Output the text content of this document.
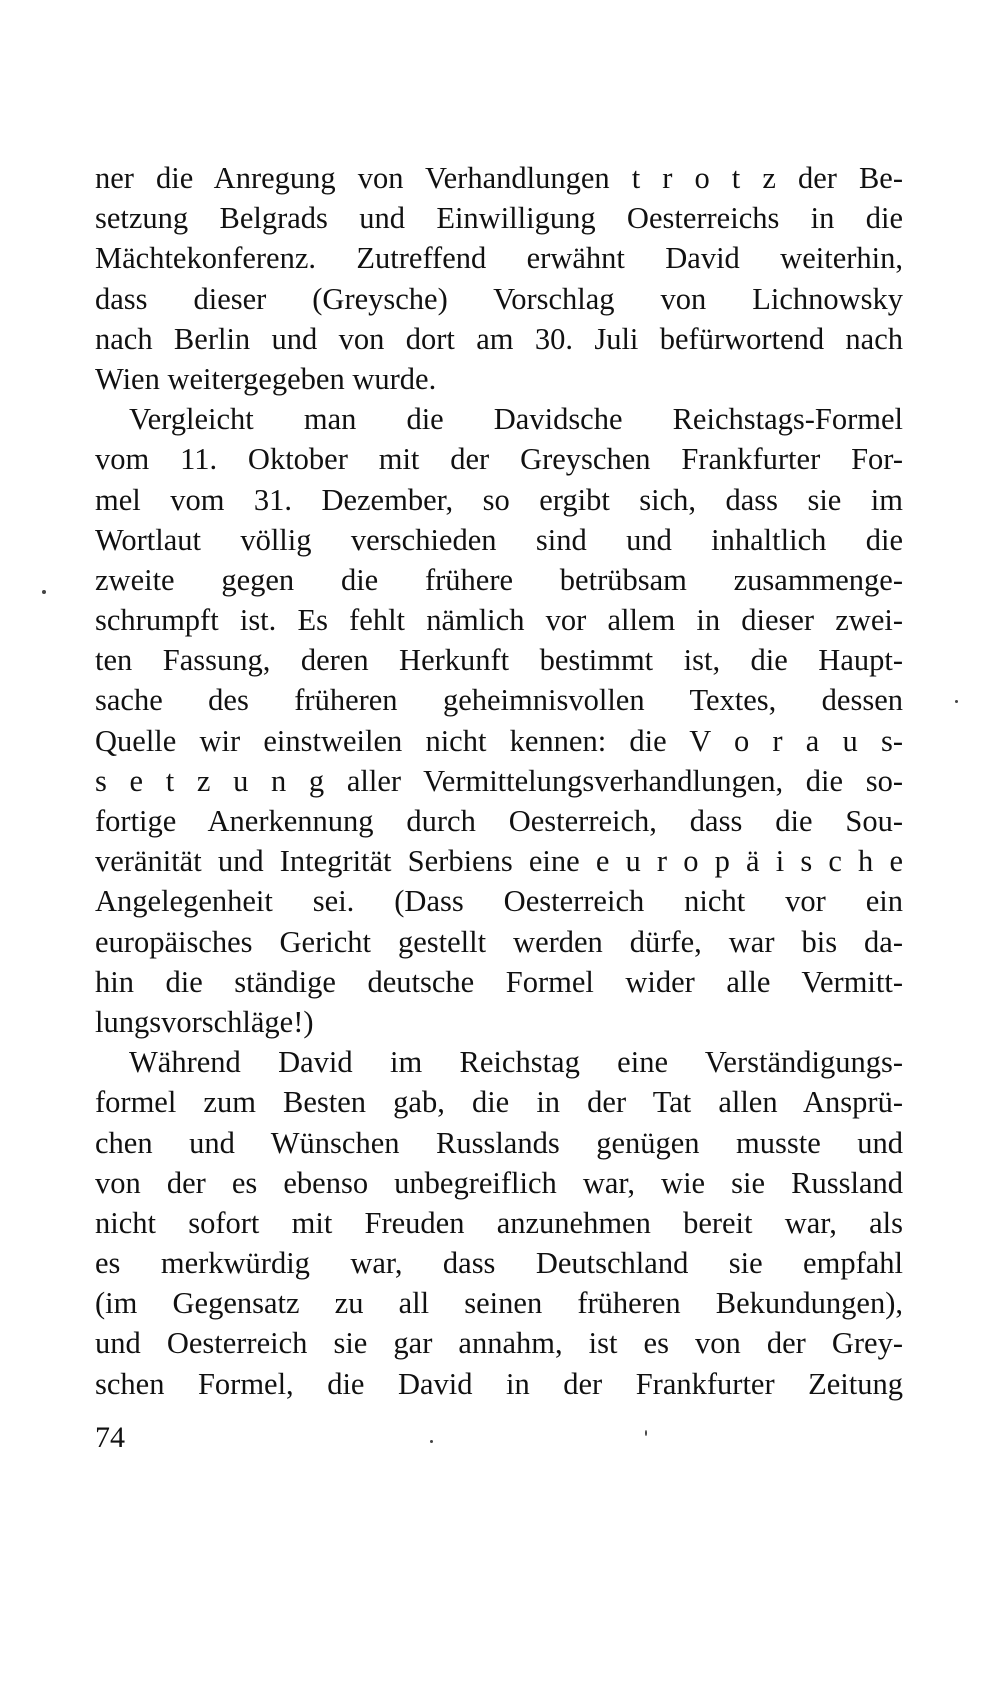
ner die Anregung von Verhandlungen t r o t z der Be-
setzung Belgrads und Einwilligung Oesterreichs in die
Mächtekonferenz. Zutreffend erwähnt David weiterhin,
dass dieser (Greysche) Vorschlag von Lichnowsky
nach Berlin und von dort am 30. Juli befürwortend nach
Wien weitergegeben wurde.
Vergleicht man die Davidsche Reichstags-Formel
vom 11. Oktober mit der Greyschen Frankfurter For-
mel vom 31. Dezember, so ergibt sich, dass sie im
Wortlaut völlig verschieden sind und inhaltlich die
zweite gegen die frühere betrübsam zusammenge-
schrumpft ist. Es fehlt nämlich vor allem in dieser zwei-
ten Fassung, deren Herkunft bestimmt ist, die Haupt-
sache des früheren geheimnisvollen Textes, dessen
Quelle wir einstweilen nicht kennen: die V o r a u s-
s e t z u n g aller Vermittelungsverhandlungen, die so-
fortige Anerkennung durch Oesterreich, dass die Sou-
veränität und Integrität Serbiens eine e u r o p ä i s c h e
Angelegenheit sei. (Dass Oesterreich nicht vor ein
europäisches Gericht gestellt werden dürfe, war bis da-
hin die ständige deutsche Formel wider alle Vermitt-
lungsvorschläge!)
Während David im Reichstag eine Verständigungs-
formel zum Besten gab, die in der Tat allen Ansprü-
chen und Wünschen Russlands genügen musste und
von der es ebenso unbegreiflich war, wie sie Russland
nicht sofort mit Freuden anzunehmen bereit war, als
es merkwürdig war, dass Deutschland sie empfahl
(im Gegensatz zu all seinen früheren Bekundungen),
und Oesterreich sie gar annahm, ist es von der Grey-
schen Formel, die David in der Frankfurter Zeitung
74
